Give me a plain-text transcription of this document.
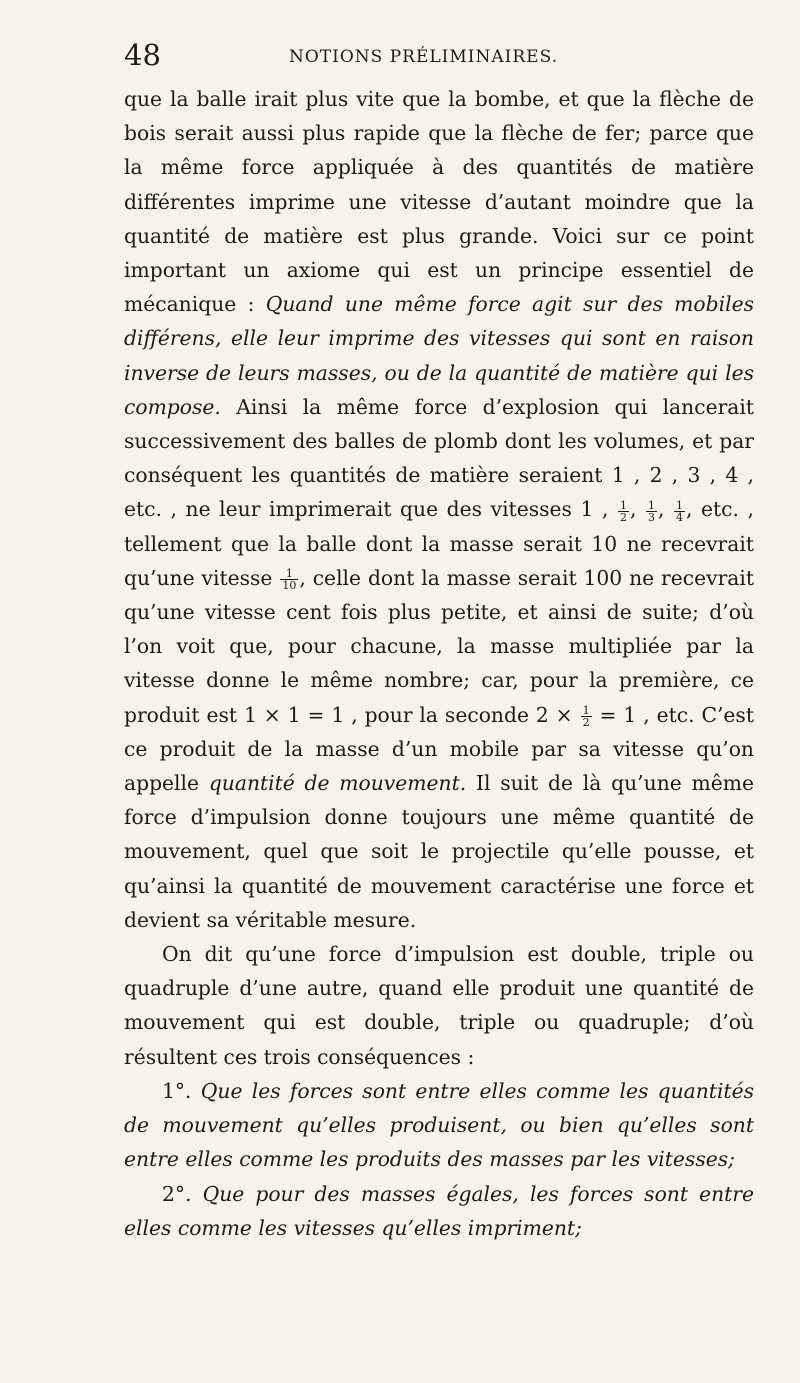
48	NOTIONS PRÉLIMINAIRES.

que la balle irait plus vite que la bombe, et que la flèche de bois serait aussi plus rapide que la flèche de fer; parce que la même force appliquée à des quantités de matière différentes imprime une vitesse d’autant moindre que la quantité de matière est plus grande. Voici sur ce point important un axiome qui est un principe essentiel de mécanique : Quand une même force agit sur des mobiles différens, elle leur imprime des vitesses qui sont en raison inverse de leurs masses, ou de la quantité de matière qui les compose. Ainsi la même force d’explosion qui lancerait successivement des balles de plomb dont les volumes, et par conséquent les quantités de matière seraient 1 , 2 , 3 , 4 , etc. , ne leur imprimerait que des vitesses 1 , $\frac{1}{2}$ , $\frac{1}{3}$ , $\frac{1}{4}$ , etc. , tellement que la balle dont la masse serait 10 ne recevrait qu’une vitesse $\frac{1}{10}$ , celle dont la masse serait 100 ne recevrait qu’une vitesse cent fois plus petite, et ainsi de suite; d’où l’on voit que, pour chacune, la masse multipliée par la vitesse donne le même nombre; car, pour la première, ce produit est 1 × 1 = 1 , pour la seconde $2 \times \frac{1}{2} = 1$ , etc. C’est ce produit de la masse d’un mobile par sa vitesse qu’on appelle quantité de mouvement. Il suit de là qu’une même force d’impulsion donne toujours une même quantité de mouvement, quel que soit le projectile qu’elle pousse, et qu’ainsi la quantité de mouvement caractérise une force et devient sa véritable mesure.

On dit qu’une force d’impulsion est double, triple ou quadruple d’une autre, quand elle produit une quantité de mouvement qui est double, triple ou quadruple; d’où résultent ces trois conséquences :

1°. Que les forces sont entre elles comme les quantités de mouvement qu’elles produisent, ou bien qu’elles sont entre elles comme les produits des masses par les vitesses;

2°. Que pour des masses égales, les forces sont entre elles comme les vitesses qu’elles impriment;
